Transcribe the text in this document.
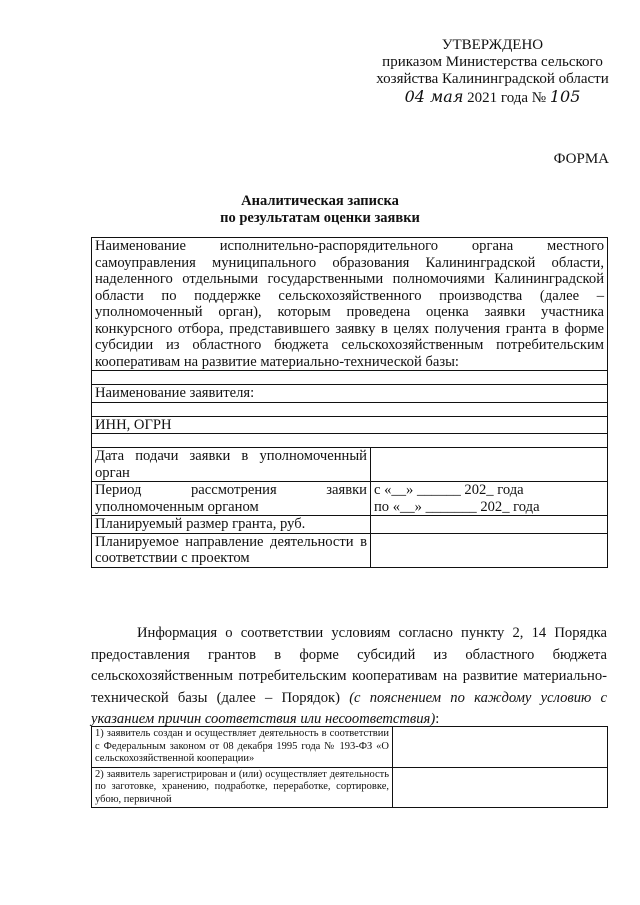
УТВЕРЖДЕНО
приказом Министерства сельского
хозяйства Калининградской области
04 мая 2021 года № 105
ФОРМА
Аналитическая записка
по результатам оценки заявки
Наименование исполнительно-распорядительного органа местного самоуправления муниципального образования Калининградской области, наделенного отдельными государственными полномочиями Калининградской области по поддержке сельскохозяйственного производства (далее – уполномоченный орган), которым проведена оценка заявки участника конкурсного отбора, представившего заявку в целях получения гранта в форме субсидии из областного бюджета сельскохозяйственным потребительским кооперативам на развитие материально-технической базы:	

Наименование заявителя:	

ИНН, ОГРН	

Дата подачи заявки в уполномоченный орган	
Период рассмотрения заявки уполномоченным органом	с «__» ______ 202_ года
по «__» _______ 202_ года

Планируемый размер гранта, руб.	
Планируемое направление деятельности в соответствии с проектом	
Информация о соответствии условиям согласно пункту 2, 14 Порядка предоставления грантов в форме субсидий из областного бюджета сельскохозяйственным потребительским кооперативам на развитие материально-технической базы (далее – Порядок) (с пояснением по каждому условию с указанием причин соответствия или несоответствия):
1) заявитель создан и осуществляет деятельность в соответствии с Федеральным законом от 08 декабря 1995 года № 193-ФЗ «О сельскохозяйственной кооперации»	
2) заявитель зарегистрирован и (или) осуществляет деятельность по заготовке, хранению, подработке, переработке, сортировке, убою, первичной	
